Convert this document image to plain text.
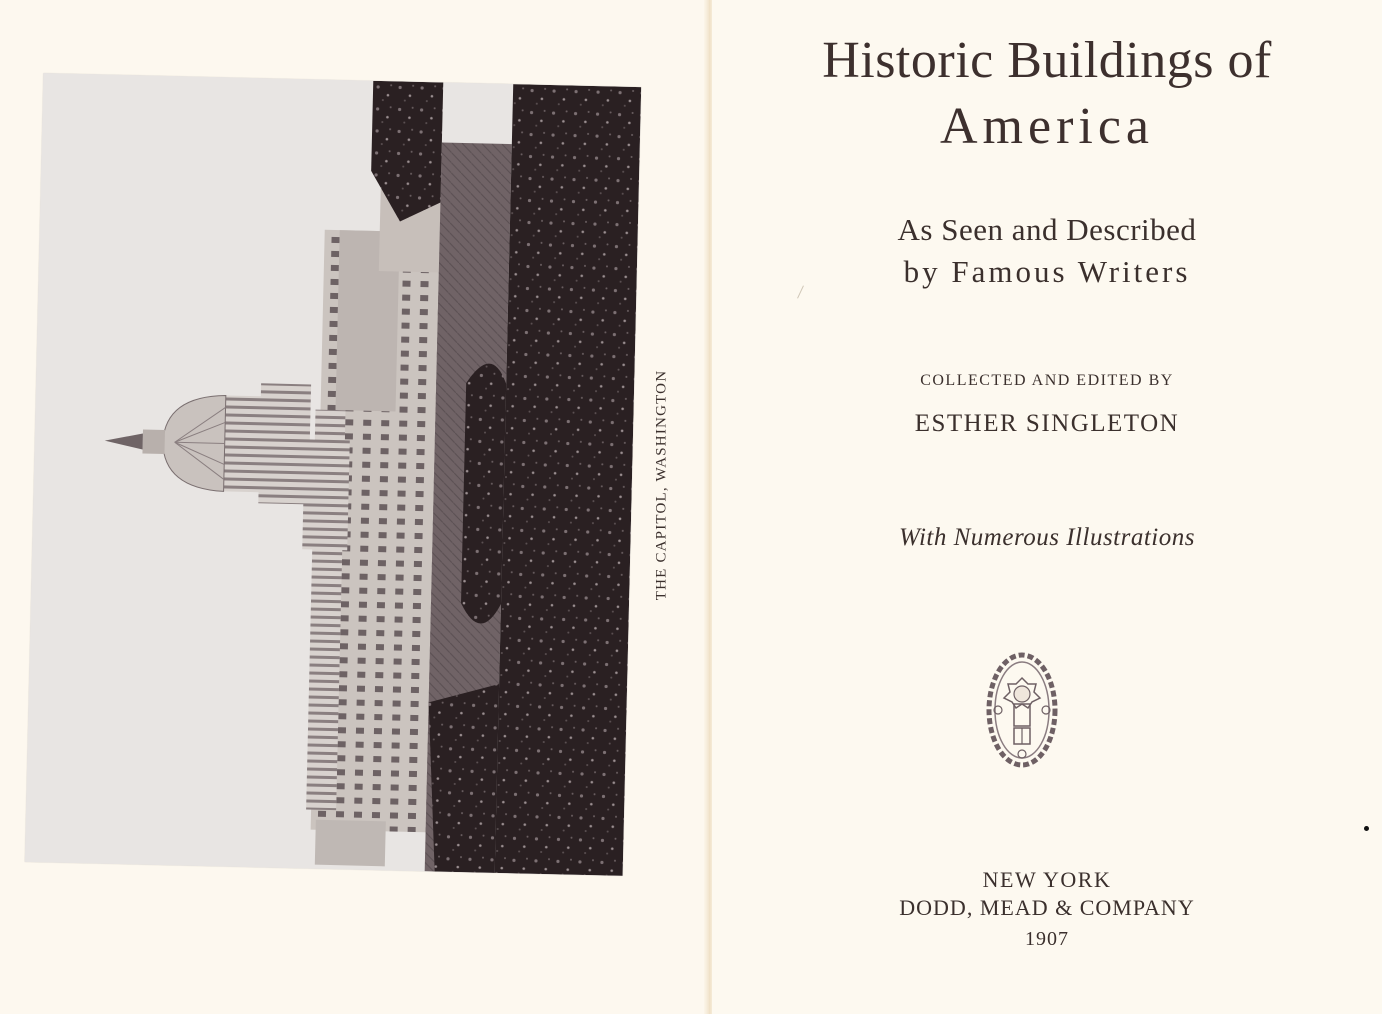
THE CAPITOL, WASHINGTON
Historic Buildings of
America
As Seen and Described
by Famous Writers
COLLECTED AND EDITED BY
ESTHER SINGLETON
With Numerous Illustrations
NEW YORK
DODD, MEAD & COMPANY
1907
